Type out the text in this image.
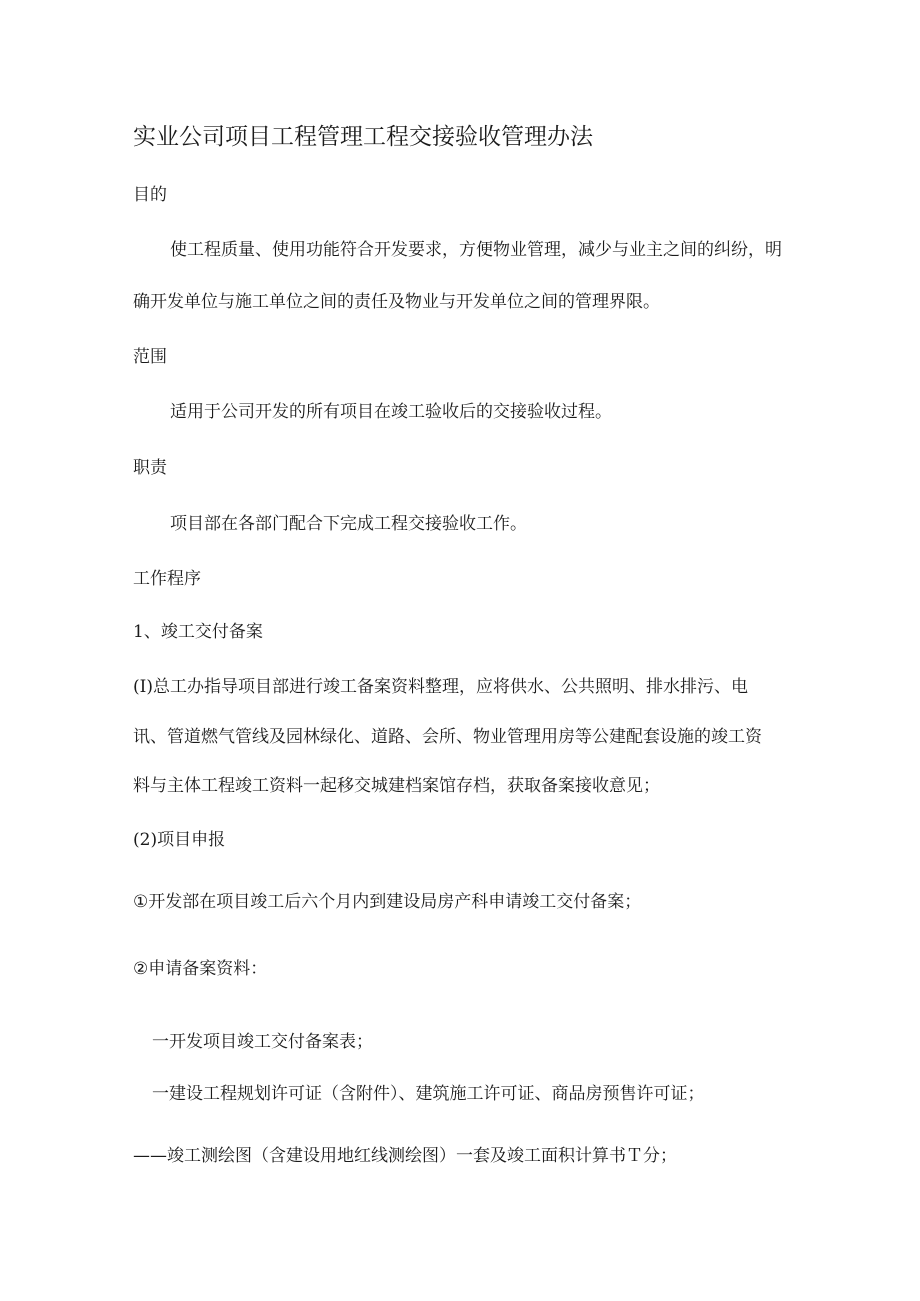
实业公司项目工程管理工程交接验收管理办法
目的
使工程质量、使用功能符合开发要求，方便物业管理，减少与业主之间的纠纷，明
确开发单位与施工单位之间的责任及物业与开发单位之间的管理界限。
范围
适用于公司开发的所有项目在竣工验收后的交接验收过程。
职责
项目部在各部门配合下完成工程交接验收工作。
工作程序
1、竣工交付备案
(I)总工办指导项目部进行竣工备案资料整理，应将供水、公共照明、排水排污、电
讯、管道燃气管线及园林绿化、道路、会所、物业管理用房等公建配套设施的竣工资
料与主体工程竣工资料一起移交城建档案馆存档，获取备案接收意见；
(2)项目申报
①开发部在项目竣工后六个月内到建设局房产科申请竣工交付备案；
②申请备案资料：
一开发项目竣工交付备案表；
一建设工程规划许可证（含附件）、建筑施工许可证、商品房预售许可证；
——竣工测绘图（含建设用地红线测绘图）一套及竣工面积计算书Ｔ分；
